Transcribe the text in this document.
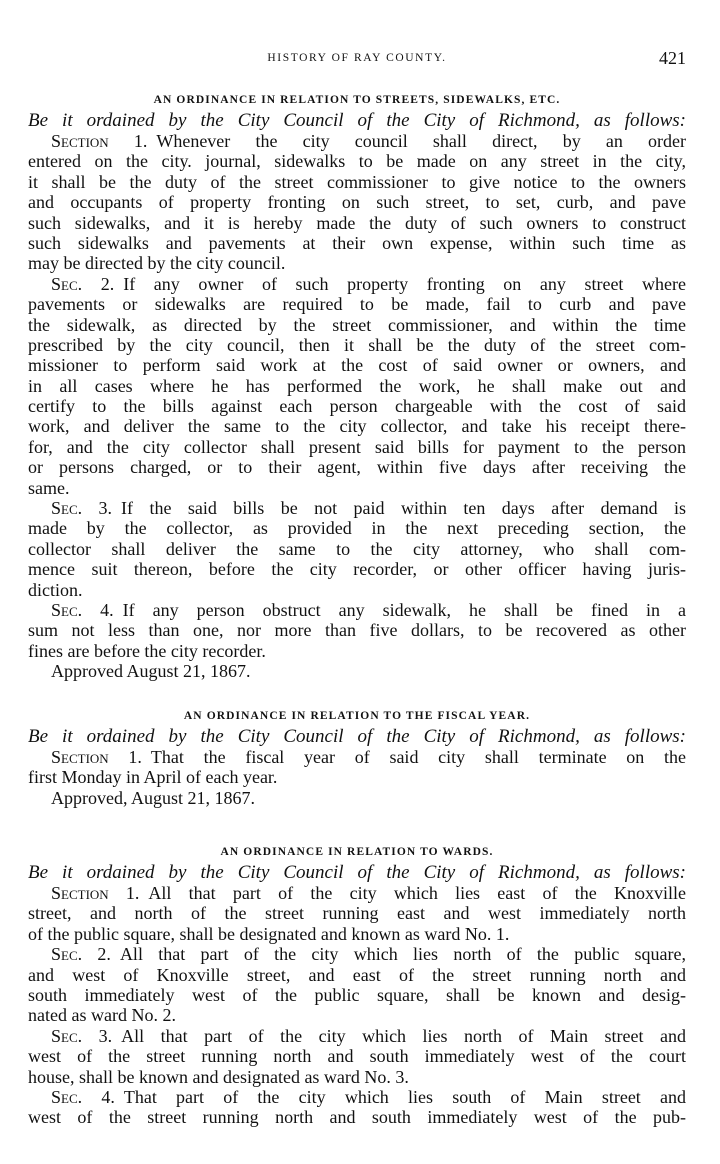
HISTORY OF RAY COUNTY.	421
AN ORDINANCE IN RELATION TO STREETS, SIDEWALKS, ETC.
Be it ordained by the City Council of the City of Richmond, as follows:
Section 1.  Whenever the city council shall direct, by an order
entered on the city. journal, sidewalks to be made on any street in the city,
it shall be the duty of the street commissioner to give notice to the owners
and occupants of property fronting on such street, to set, curb, and pave
such sidewalks, and it is hereby made the duty of such owners to construct
such sidewalks and pavements at their own expense, within such time as
may be directed by the city council.
Sec. 2.  If any owner of such property fronting on any street where
pavements or sidewalks are required to be made, fail to curb and pave
the sidewalk, as directed by the street commissioner, and within the time
prescribed by the city council, then it shall be the duty of the street com-
missioner to perform said work at the cost of said owner or owners, and
in all cases where he has performed the work, he shall make out and
certify to the bills against each person chargeable with the cost of said
work, and deliver the same to the city collector, and take his receipt there-
for, and the city collector shall present said bills for payment to the person
or persons charged, or to their agent, within five days after receiving the
same.
Sec. 3.  If the said bills be not paid within ten days after demand is
made by the collector, as provided in the next preceding section, the
collector shall deliver the same to the city attorney, who shall com-
mence suit thereon, before the city recorder, or other officer having juris-
diction.
Sec. 4.  If any person obstruct any sidewalk, he shall be fined in a
sum not less than one, nor more than five dollars, to be recovered as other
fines are before the city recorder.
Approved August 21, 1867.
AN ORDINANCE IN RELATION TO THE FISCAL YEAR.
Be it ordained by the City Council of the City of Richmond, as follows:
Section 1.  That the fiscal year of said city shall terminate on the
first Monday in April of each year.
Approved, August 21, 1867.
AN ORDINANCE IN RELATION TO WARDS.
Be it ordained by the City Council of the City of Richmond, as follows:
Section 1.  All that part of the city which lies east of the Knoxville
street, and north of the street running east and west immediately north
of the public square, shall be designated and known as ward No. 1.
Sec. 2.  All that part of the city which lies north of the public square,
and west of Knoxville street, and east of the street running north and
south immediately west of the public square, shall be known and desig-
nated as ward No. 2.
Sec. 3.  All that part of the city which lies north of Main street and
west of the street running north and south immediately west of the court
house, shall be known and designated as ward No. 3.
Sec. 4.  That part of the city which lies south of Main street and
west of the street running north and south immediately west of the pub-
